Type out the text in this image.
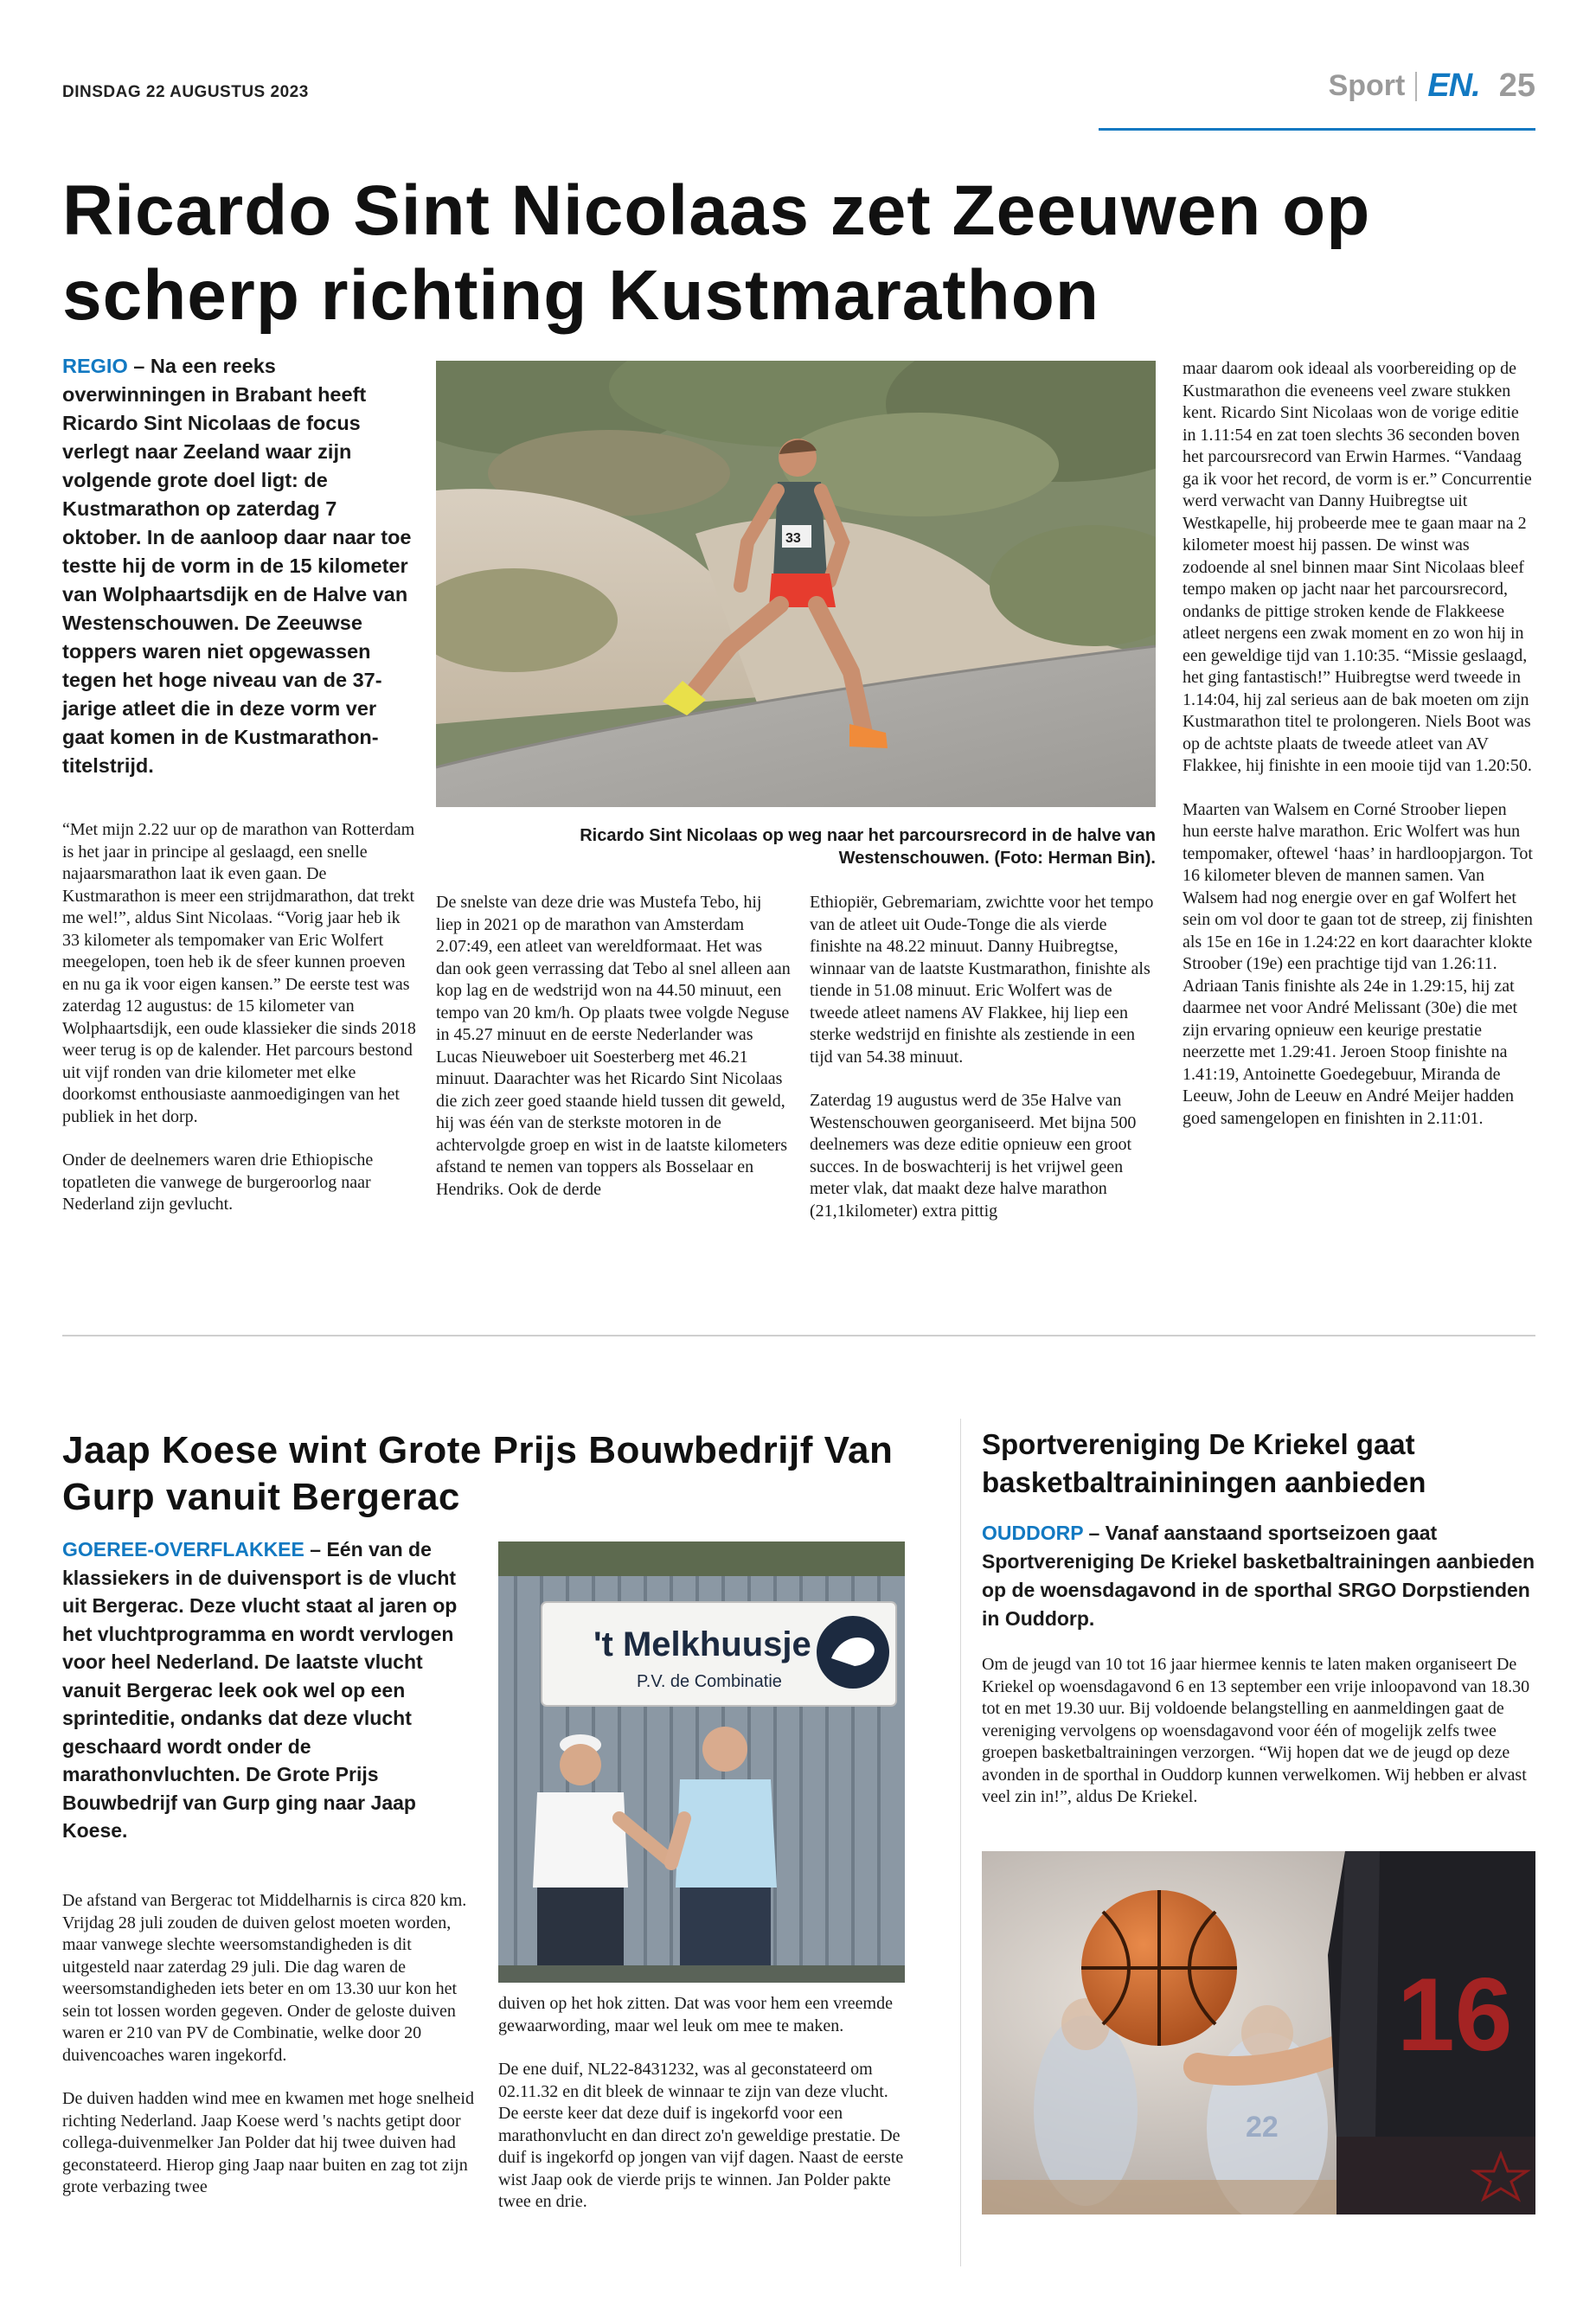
DINSDAG 22 AUGUSTUS 2023	Sport EN. 25
Ricardo Sint Nicolaas zet Zeeuwen op scherp richting Kustmarathon
REGIO – Na een reeks overwinningen in Brabant heeft Ricardo Sint Nicolaas de focus verlegt naar Zeeland waar zijn volgende grote doel ligt: de Kustmarathon op zaterdag 7 oktober. In de aanloop daar naar toe testte hij de vorm in de 15 kilometer van Wolphaartsdijk en de Halve van Westenschouwen. De Zeeuwse toppers waren niet opgewassen tegen het hoge niveau van de 37-jarige atleet die in deze vorm ver gaat komen in de Kustmarathon-titelstrijd.

“Met mijn 2.22 uur op de marathon van Rotterdam is het jaar in principe al geslaagd, een snelle najaarsmarathon laat ik even gaan. De Kustmarathon is meer een strijdmarathon, dat trekt me wel!”, aldus Sint Nicolaas. “Vorig jaar heb ik 33 kilometer als tempomaker van Eric Wolfert meegelopen, toen heb ik de sfeer kunnen proeven en nu ga ik voor eigen kansen.” De eerste test was zaterdag 12 augustus: de 15 kilometer van Wolphaartsdijk, een oude klassieker die sinds 2018 weer terug is op de kalender. Het parcours bestond uit vijf ronden van drie kilometer met elke doorkomst enthousiaste aanmoedigingen van het publiek in het dorp.

Onder de deelnemers waren drie Ethiopische topatleten die vanwege de burgeroorlog naar Nederland zijn gevlucht.

33
Ricardo Sint Nicolaas op weg naar het parcoursrecord in de halve van Westenschouwen. (Foto: Herman Bin).

De snelste van deze drie was Mustefa Tebo, hij liep in 2021 op de marathon van Amsterdam 2.07:49, een atleet van wereldformaat. Het was dan ook geen verrassing dat Tebo al snel alleen aan kop lag en de wedstrijd won na 44.50 minuut, een tempo van 20 km/h. Op plaats twee volgde Neguse in 45.27 minuut en de eerste Nederlander was Lucas Nieuweboer uit Soesterberg met 46.21 minuut. Daarachter was het Ricardo Sint Nicolaas die zich zeer goed staande hield tussen dit geweld, hij was één van de sterkste motoren in de achtervolgde groep en wist in de laatste kilometers afstand te nemen van toppers als Bosselaar en Hendriks. Ook de derde

Ethiopiër, Gebremariam, zwichtte voor het tempo van de atleet uit Oude-Tonge die als vierde finishte na 48.22 minuut. Danny Huibregtse, winnaar van de laatste Kustmarathon, finishte als tiende in 51.08 minuut. Eric Wolfert was de tweede atleet namens AV Flakkee, hij liep een sterke wedstrijd en finishte als zestiende in een tijd van 54.38 minuut.

Zaterdag 19 augustus werd de 35e Halve van Westenschouwen georganiseerd. Met bijna 500 deelnemers was deze editie opnieuw een groot succes. In de boswachterij is het vrijwel geen meter vlak, dat maakt deze halve marathon (21,1kilometer) extra pittig

maar daarom ook ideaal als voorbereiding op de Kustmarathon die eveneens veel zware stukken kent. Ricardo Sint Nicolaas won de vorige editie in 1.11:54 en zat toen slechts 36 seconden boven het parcoursrecord van Erwin Harmes. “Vandaag ga ik voor het record, de vorm is er.” Concurrentie werd verwacht van Danny Huibregtse uit Westkapelle, hij probeerde mee te gaan maar na 2 kilometer moest hij passen. De winst was zodoende al snel binnen maar Sint Nicolaas bleef tempo maken op jacht naar het parcoursrecord, ondanks de pittige stroken kende de Flakkeese atleet nergens een zwak moment en zo won hij in een geweldige tijd van 1.10:35. “Missie geslaagd, het ging fantastisch!” Huibregtse werd tweede in 1.14:04, hij zal serieus aan de bak moeten om zijn Kustmarathon titel te prolongeren. Niels Boot was op de achtste plaats de tweede atleet van AV Flakkee, hij finishte in een mooie tijd van 1.20:50.

Maarten van Walsem en Corné Stroober liepen hun eerste halve marathon. Eric Wolfert was hun tempomaker, oftewel ‘haas’ in hardloopjargon. Tot 16 kilometer bleven de mannen samen. Van Walsem had nog energie over en gaf Wolfert het sein om vol door te gaan tot de streep, zij finishten als 15e en 16e in 1.24:22 en kort daarachter klokte Stroober (19e) een prachtige tijd van 1.26:11. Adriaan Tanis finishte als 24e in 1.29:15, hij zat daarmee net voor André Melissant (30e) die met zijn ervaring opnieuw een keurige prestatie neerzette met 1.29:41. Jeroen Stoop finishte na 1.41:19, Antoinette Goedegebuur, Miranda de Leeuw, John de Leeuw en André Meijer hadden goed samengelopen en finishten in 2.11:01.

Jaap Koese wint Grote Prijs Bouwbedrijf Van Gurp vanuit Bergerac
GOEREE-OVERFLAKKEE – Eén van de klassiekers in de duivensport is de vlucht uit Bergerac. Deze vlucht staat al jaren op het vluchtprogramma en wordt vervlogen voor heel Nederland. De laatste vlucht vanuit Bergerac leek ook wel op een sprinteditie, ondanks dat deze vlucht geschaard wordt onder de marathonvluchten. De Grote Prijs Bouwbedrijf van Gurp ging naar Jaap Koese.

De afstand van Bergerac tot Middelharnis is circa 820 km. Vrijdag 28 juli zouden de duiven gelost moeten worden, maar vanwege slechte weersomstandigheden is dit uitgesteld naar zaterdag 29 juli. Die dag waren de weersomstandigheden iets beter en om 13.30 uur kon het sein tot lossen worden gegeven. Onder de geloste duiven waren er 210 van PV de Combinatie, welke door 20 duivencoaches waren ingekorfd.

De duiven hadden wind mee en kwamen met hoge snelheid richting Nederland. Jaap Koese werd 's nachts getipt door collega-duivenmelker Jan Polder dat hij twee duiven had geconstateerd. Hierop ging Jaap naar buiten en zag tot zijn grote verbazing twee

't Melkhuusje
P.V. de Combinatie

duiven op het hok zitten. Dat was voor hem een vreemde gewaarwording, maar wel leuk om mee te maken.

De ene duif, NL22-8431232, was al geconstateerd om 02.11.32 en dit bleek de winnaar te zijn van deze vlucht. De eerste keer dat deze duif is ingekorfd voor een marathonvlucht en dan direct zo'n geweldige prestatie. De duif is ingekorfd op jongen van vijf dagen. Naast de eerste wist Jaap ook de vierde prijs te winnen. Jan Polder pakte twee en drie.

Sportvereniging De Kriekel gaat basketbaltraininingen aanbieden
OUDDORP – Vanaf aanstaand sportseizoen gaat Sportvereniging De Kriekel basketbaltrainingen aanbieden op de woensdagavond in de sporthal SRGO Dorpstienden in Ouddorp.

Om de jeugd van 10 tot 16 jaar hiermee kennis te laten maken organiseert De Kriekel op woensdagavond 6 en 13 september een vrije inloopavond van 18.30 tot en met 19.30 uur. Bij voldoende belangstelling en aanmeldingen gaat de vereniging vervolgens op woensdagavond voor één of mogelijk zelfs twee groepen basketbaltrainingen verzorgen. “Wij hopen dat we de jeugd op deze avonden in de sporthal in Ouddorp kunnen verwelkomen. Wij hebben er alvast veel zin in!”, aldus De Kriekel.

22
16
